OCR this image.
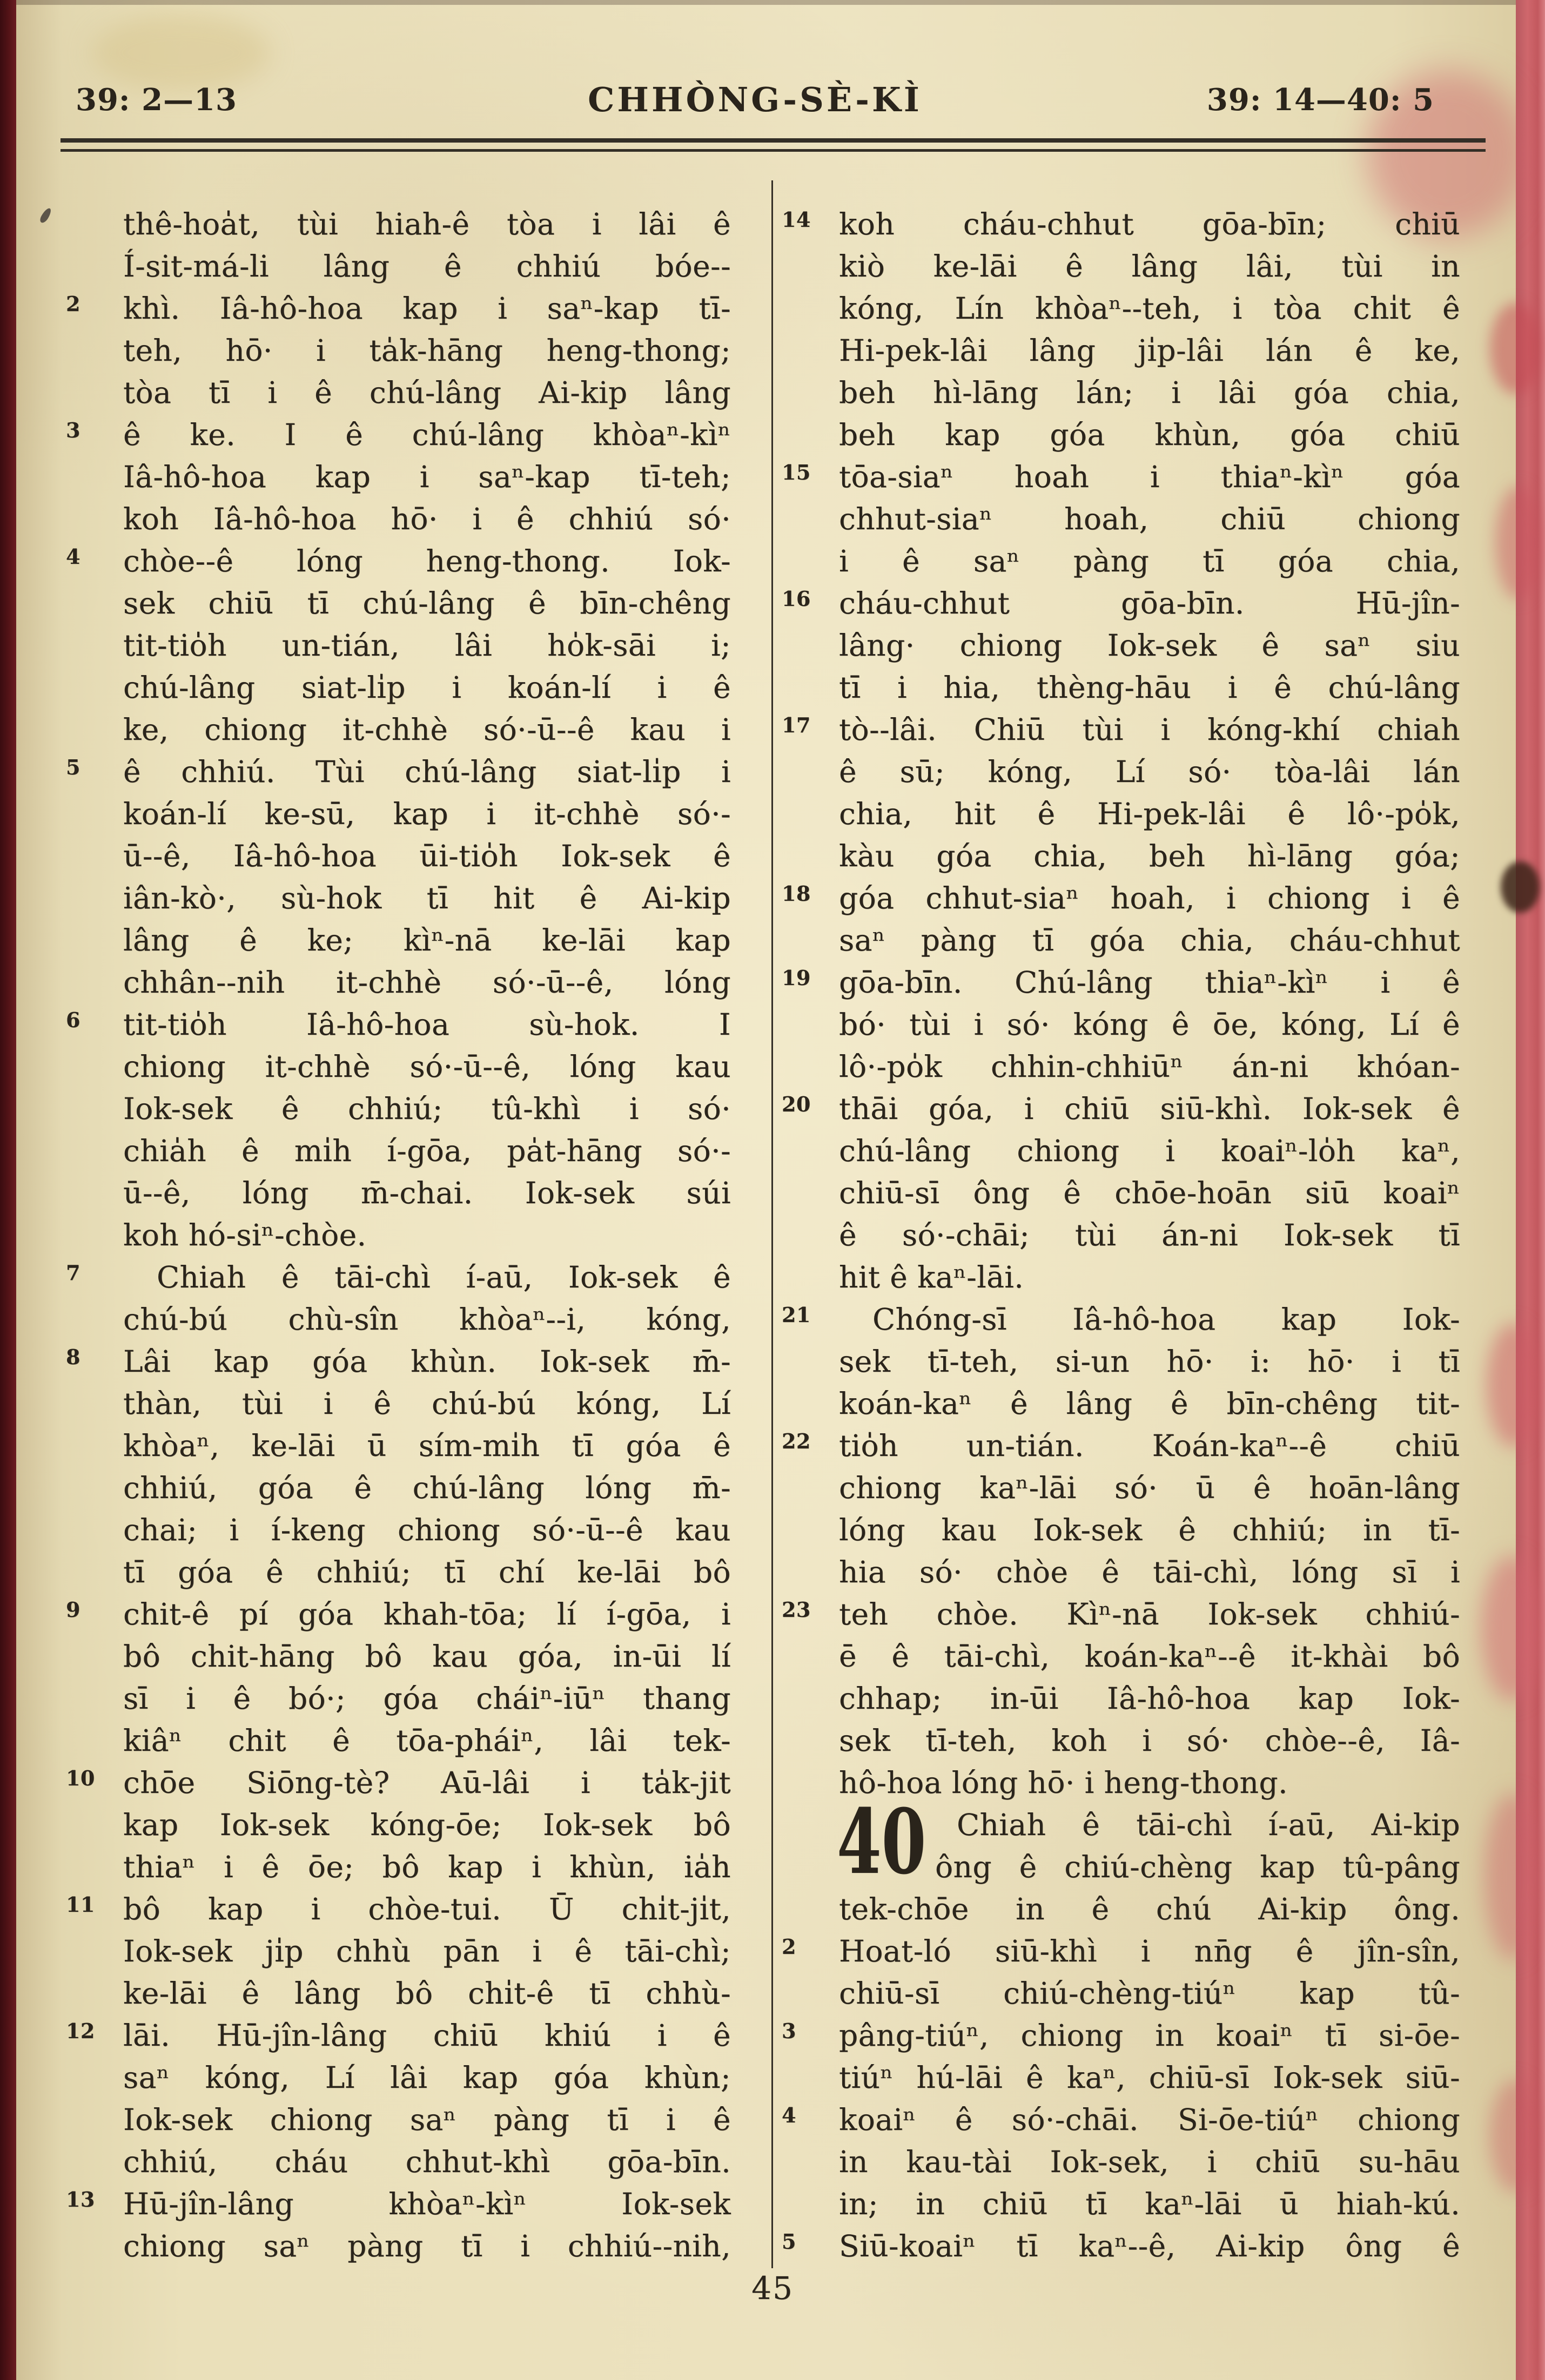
39: 2—13	CHHÒNG-SÈ-KÌ	39: 14—40: 5
thê-hoa̍t, tùi hiah-ê tòa i lâi ê
Í-sit-má-li lâng ê chhiú bóe--
2	khì. Iâ-hô-hoa kap i saⁿ-kap tī-
teh, hō· i ta̍k-hāng heng-thong;
tòa tī i ê chú-lâng Ai-kip lâng
3	ê ke. I ê chú-lâng khòaⁿ-kìⁿ
Iâ-hô-hoa kap i saⁿ-kap tī-teh;
koh Iâ-hô-hoa hō· i ê chhiú só·
4	chòe--ê lóng heng-thong. Iok-
sek chiū tī chú-lâng ê bīn-chêng
tit-tio̍h un-tián, lâi ho̍k-sāi i;
chú-lâng siat-li̍p i koán-lí i ê
ke, chiong it-chhè só·-ū--ê kau i
5	ê chhiú. Tùi chú-lâng siat-li̍p i
koán-lí ke-sū, kap i it-chhè só·-
ū--ê, Iâ-hô-hoa ūi-tio̍h Iok-sek ê
iân-kò·, sù-hok tī hit ê Ai-kip
lâng ê ke; kìⁿ-nā ke-lāi kap
chhân--nih it-chhè só·-ū--ê, lóng
6	tit-tio̍h Iâ-hô-hoa sù-hok. I
chiong it-chhè só·-ū--ê, lóng kau
Iok-sek ê chhiú; tû-khì i só·
chia̍h ê mi̍h í-gōa, pa̍t-hāng só·-
ū--ê, lóng m̄-chai. Iok-sek súi
koh hó-siⁿ-chòe.
7	Chiah ê tāi-chì í-aū, Iok-sek ê
chú-bú chù-sîn khòaⁿ--i, kóng,
8	Lâi kap góa khùn. Iok-sek m̄-
thàn, tùi i ê chú-bú kóng, Lí
khòaⁿ, ke-lāi ū sím-mi̍h tī góa ê
chhiú, góa ê chú-lâng lóng m̄-
chai; i í-keng chiong só·-ū--ê kau
tī góa ê chhiú; tī chí ke-lāi bô
9	chit-ê pí góa khah-tōa; lí í-gōa, i
bô chit-hāng bô kau góa, in-ūi lí
sī i ê bó·; góa cháiⁿ-iūⁿ thang
kiâⁿ chit ê tōa-pháiⁿ, lâi tek-
10 chōe Siōng-tè? Aū-lâi i ta̍k-jit
kap Iok-sek kóng-ōe; Iok-sek bô
thiaⁿ i ê ōe; bô kap i khùn, ia̍h
11 bô kap i chòe-tui. Ū chi̍t-ji̍t,
Iok-sek ji̍p chhù pān i ê tāi-chì;
ke-lāi ê lâng bô chi̍t-ê tī chhù-
12 lāi. Hū-jîn-lâng chiū khiú i ê
saⁿ kóng, Lí lâi kap góa khùn;
Iok-sek chiong saⁿ pàng tī i ê
chhiú, cháu chhut-khì gōa-bīn.
13 Hū-jîn-lâng khòaⁿ-kìⁿ Iok-sek
chiong saⁿ pàng tī i chhiú--nih,
14 koh cháu-chhut gōa-bīn; chiū
kiò ke-lāi ê lâng lâi, tùi in
kóng, Lín khòaⁿ--teh, i tòa chi̍t ê
Hi-pek-lâi lâng ji̍p-lâi lán ê ke,
beh hì-lāng lán; i lâi góa chia,
beh kap góa khùn, góa chiū
15 tōa-siaⁿ hoah i thiaⁿ-kìⁿ góa
chhut-siaⁿ hoah, chiū chiong
i ê saⁿ pàng tī góa chia,
16 cháu-chhut gōa-bīn. Hū-jîn-
lâng· chiong Iok-sek ê saⁿ siu
tī i hia, thèng-hāu i ê chú-lâng
17 tò--lâi. Chiū tùi i kóng-khí chiah
ê sū; kóng, Lí só· tòa-lâi lán
chia, hit ê Hi-pek-lâi ê lô·-po̍k,
kàu góa chia, beh hì-lāng góa;
18 góa chhut-siaⁿ hoah, i chiong i ê
saⁿ pàng tī góa chia, cháu-chhut
19 gōa-bīn. Chú-lâng thiaⁿ-kìⁿ i ê
bó· tùi i só· kóng ê ōe, kóng, Lí ê
lô·-po̍k chhin-chhiūⁿ án-ni khóan-
20 thāi góa, i chiū siū-khì. Iok-sek ê
chú-lâng chiong i koaiⁿ-lo̍h kaⁿ,
chiū-sī ông ê chōe-hoān siū koaiⁿ
ê só·-chāi; tùi án-ni Iok-sek tī
hit ê kaⁿ-lāi.
21	Chóng-sī Iâ-hô-hoa kap Iok-
sek tī-teh, si-un hō· i: hō· i tī
koán-kaⁿ ê lâng ê bīn-chêng tit-
22 tio̍h un-tián. Koán-kaⁿ--ê chiū
chiong kaⁿ-lāi só· ū ê hoān-lâng
lóng kau Iok-sek ê chhiú; in tī-
hia só· chòe ê tāi-chì, lóng sī i
23 teh chòe. Kìⁿ-nā Iok-sek chhiú-
ē ê tāi-chì, koán-kaⁿ--ê it-khài bô
chhap; in-ūi Iâ-hô-hoa kap Iok-
sek tī-teh, koh i só· chòe--ê, Iâ-
hô-hoa lóng hō· i heng-thong.
40	Chiah ê tāi-chì í-aū, Ai-kip
ông ê chiú-chèng kap tû-pâng
tek-chōe in ê chú Ai-kip ông.
2	Hoat-ló siū-khì i nn̄g ê jîn-sîn,
chiū-sī chiú-chèng-tiúⁿ kap tû-
3	pâng-tiúⁿ, chiong in koaiⁿ tī si-ōe-
tiúⁿ hú-lāi ê kaⁿ, chiū-sī Iok-sek siū-
4	koaiⁿ ê só·-chāi. Si-ōe-tiúⁿ chiong
in kau-tài Iok-sek, i chiū su-hāu
in; in chiū tī kaⁿ-lāi ū hiah-kú.
5	Siū-koaiⁿ tī kaⁿ--ê, Ai-kip ông ê
45
